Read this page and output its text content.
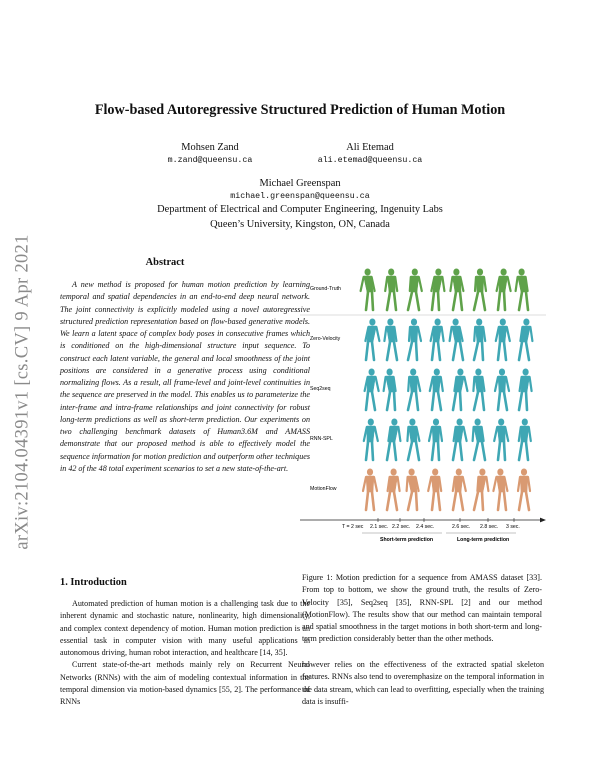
arXiv:2104.04391v1 [cs.CV] 9 Apr 2021
Flow-based Autoregressive Structured Prediction of Human Motion
Mohsen Zand
m.zand@queensu.ca
Ali Etemad
ali.etemad@queensu.ca
Michael Greenspan
michael.greenspan@queensu.ca
Department of Electrical and Computer Engineering, Ingenuity Labs
Queen’s University, Kingston, ON, Canada
Abstract

A new method is proposed for human motion prediction by learning temporal and spatial dependencies in an end-to-end deep neural network. The joint connectivity is explicitly modeled using a novel autoregressive structured prediction representation based on flow-based generative models. We learn a latent space of complex body poses in consecutive frames which is conditioned on the high-dimensional structure input sequence. To construct each latent variable, the general and local smoothness of the joint positions are considered in a generative process using conditional normalizing flows. As a result, all frame-level and joint-level continuities in the sequence are preserved in the model. This enables us to parameterize the inter-frame and intra-frame relationships and joint connectivity for robust long-term predictions as well as short-term prediction. Our experiments on two challenging benchmark datasets of Human3.6M and AMASS demonstrate that our proposed method is able to effectively model the sequence information for motion prediction and outperform other techniques in 42 of the 48 total experiment scenarios to set a new state-of-the-art.

1. Introduction

Automated prediction of human motion is a challenging task due to the inherent dynamic and stochastic nature, nonlinearity, high dimensionality, and complex context dependency of motion. Human motion prediction is an essential task in computer vision with many useful applications in autonomous driving, human robot interaction, and healthcare [14, 35].

Current state-of-the-art methods mainly rely on Recurrent Neural Networks (RNNs) with the aim of modeling contextual information in the temporal dimension via motion-based dynamics [55, 2]. The performance of RNNs

Ground-Truth
Zero-Velocity
Seq2seq
RNN-SPL
MotionFlow
T = 2 sec 2.1 sec. 2.2 sec. 2.4 sec.	2.6 sec. 2.8 sec. 3 sec.
Short-term prediction	Long-term prediction
Figure 1: Motion prediction for a sequence from AMASS dataset [33]. From top to bottom, we show the ground truth, the results of Zero-Velocity [35], Seq2seq [35], RNN-SPL [2] and our method (MotionFlow). The results show that our method can maintain temporal and spatial smoothness in the target motions in both short-term and long-term prediction considerably better than the other methods.

however relies on the effectiveness of the extracted spatial skeleton features. RNNs also tend to overemphasize on the temporal information in the data stream, which can lead to overfitting, especially when the training data is insuffi-
